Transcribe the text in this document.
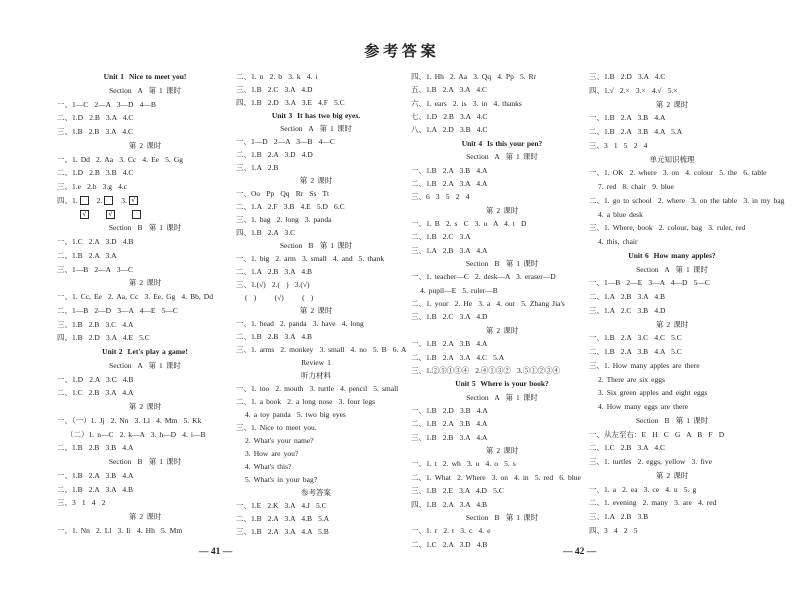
参 考 答 案
Unit 1  Nice to meet you!
Section  A  第 1 课时
一、1—C  2—A  3—D  4—B
二、1.D  2.B  3.A  4.C
三、1.B  2.B  3.A  4.C
第 2 课时
一、1. Dd  2. Aa  3. Cc  4. Ee  5. Gg
二、1.D  2.B  3.B  4.C
三、1.e  2.b  3.g  4.c
四、 1.	2.	3. √
√	√
Section  B  第 1 课时
一、1.C  2.A  3.D  4.B
二、1.B  2.A  3.A
三、1—B  2—A  3—C
第 2 课时
一、1. Cc, Ee  2. Aa, Cc  3. Ee, Gg  4. Bb, Dd
二、1—B  2—D  3—A  4—E  5—C
三、1.B  2.B  3.C  4.A
四、1.B  2.D  3.A  4.E  5.C
Unit 2  Let's play a game!
Section  A  第 1 课时
一、1.D  2.A  3.C  4.B
二、1.C  2.B  3.A  4.A
第 2 课时
一、（一）1. Jj  2. Nn  3. Ll  4. Mm  5. Kk
（二）1. n—C  2. k—A  3. h—D  4. i—B
二、1.B  2.B  3.B  4.A
Section  B  第 1 课时
一、1.B  2.A  3.B  4.A
二、1.B  2.A  3.A  4.B
三、3  1  4  2
第 2 课时
一、1. Nn  2. Ll  3. Ii  4. Hh  5. Mm
二、1. n  2. b  3. k  4. i
三、1.B  2.C  3.A  4.D
四、1.B  2.D  3.A  3.E  4.F  5.C
Unit 3  It has two big eyes.
Section  A  第 1 课时
一、1—D  2—A  3—B  4—C
二、1.B  2.A  3.D  4.D
三、1.A  2.B
第 2 课时
一、Oo  Pp  Qq  Rr  Ss  Tt
二、1.A  2.F  3.B  4.E  5.D  6.C
三、1. bag  2. long  3. panda
四、1.B  2.A  3.C
Section  B  第 1 课时
一、1. big  2. arm  3. small  4. and  5. thank
二、1.A  2.B  3.A  4.B
三、1.(√)  2.(  )  3.(√)
(  )      (√)      (  )
第 2 课时
一、1. head  2. panda  3. have  4. long
二、1.B  2.B  3.A  4.B
三、1. arms  2. monkey  3. small  4. no  5. B  6. A
Review 1
听力材料
一、1. too  2. mouth  3. turtle  4. pencil  5. small
二、1. a book  2. a long nose  3. four legs
4. a toy panda  5. two big eyes
三、1. Nice to meet you.
2. What's your name?
3. How are you?
4. What's this?
5. What's in your bag?
参考答案
一、1.E  2.K  3.A  4.J  5.C
二、1.B  2.A  3.A  4.B  5.A
三、1.B  2.A  3.A  4.A  5.B
四、1. Hh  2. Aa  3. Qq  4. Pp  5. Rr
五、1.B  2.A  3.A  4.C
六、1. ears  2. is  3. in  4. thanks
七、1.D  2.B  3.A  4.C
八、1.A  2.D  3.B  4.C
Unit 4  Is this your pen?
Section  A  第 1 课时
一、1.B  2.A  3.B  4.A
二、1.B  2.A  3.A  4.A
三、6  3  5  2  4
第 2 课时
一、1. B  2. s  C  3. u  A  4. t  D
二、1.B  2.C  3.A
三、1.A  2.B  3.A  4.A
Section  B  第 1 课时
一、1. teacher—C  2. desk—A  3. eraser—D
4. pupil—E  5. ruler—B
二、1. your  2. He  3. a  4. our  5. Zhang Jia's
三、1.B  2.C  3.A  4.D
第 2 课时
一、1.B  2.A  3.B  4.A
二、1.B  2.A  3.A  4.C  5.A
三、1.②⑤①③④  2.④①③②  3.⑤①②③④
Unit 5  Where is your book?
Section  A  第 1 课时
一、1.B  2.D  3.B  4.A
二、1.B  2.A  3.B  4.A
三、1.B  2.B  3.A  4.A
第 2 课时
一、1. t  2. wh  3. u  4. o  5. s
二、1. What  2. Where  3. on  4. in  5. red  6. blue
三、1.B  2.E  3.A  4.D  5.C
四、1.B  2.A  3.A  4.B
Section  B  第 1 课时
一、1. r  2. t  3. c  4. e
二、1.C  2.A  3.D  4.B
三、1.B  2.D  3.A  4.C
四、1.√  2.×  3.×  4.√  5.×
第 2 课时
一、1.B  2.A  3.B  4.A
二、1.B  2.A  3.B  4.A  5.A
三、3  1  5  2  4
单元知识梳理
一、1. OK  2. where  3. on  4. colour  5. the  6. table
7. red  8. chair  9. blue
二、1. go to school  2. where  3. on the table  3. in my bag
4. a blue desk
三、1. Where, book  2. colour, bag  3. ruler, red
4. this, chair
Unit 6  How many apples?
Section  A  第 1 课时
一、1—B  2—E  3—A  4—D  5—C
二、1.A  2.B  3.A  4.B
三、1.A  2.C  3.B  4.D
第 2 课时
一、1.B  2.A  3.C  4.C  5.C
二、1.B  2.A  3.B  4.A  5.C
三、1. How many apples are there
2. There are six eggs
3. Six green apples and eight eggs
4. How many eggs are there
Section  B  第 1 课时
一、从左至右：E  H  C  G  A  B  F  D
二、1.C  2.B  3.A  4.C
三、1. turtles  2. eggs, yellow  3. five
第 2 课时
一、1. a  2. ea  3. ce  4. u  5. g
二、1. evening  2. many  3. are  4. red
三、1.A  2.B  3.B
四、3  4  2  5
— 41 —	— 42 —
